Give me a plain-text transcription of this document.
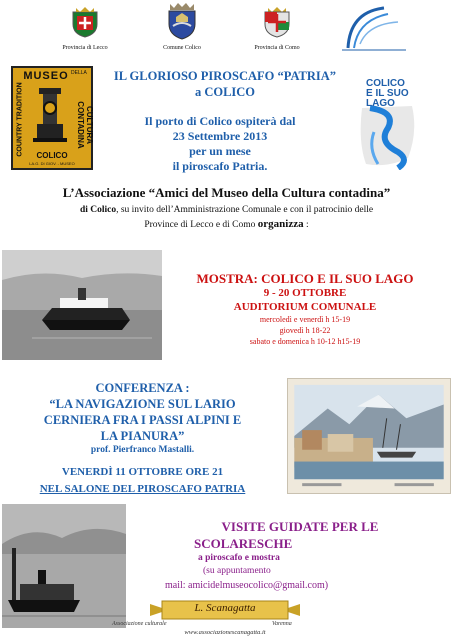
Provincia di Lecco	Comune Colico	Provincia di Como
MUSEO DELLA
COUNTRY TRADITION	CULTURA CONTADINA
COLICO
LA.G. DI GIOV. - MUSEO
IL GLORIOSO PIROSCAFO “PATRIA”
a COLICO
Il porto di Colico ospiterà dal
23 Settembre 2013
per un mese
il piroscafo Patria.
COLICO
E IL SUO
LAGO
L’Associazione “Amici del Museo della Cultura contadina”
di Colico, su invito dell’Amministrazione Comunale e con il patrocinio delle
Province di Lecco e di Como organizza :
MOSTRA: COLICO E IL SUO LAGO
9 - 20 OTTOBRE
AUDITORIUM COMUNALE
mercoledì e venerdì h 15-19
giovedì h 18-22
sabato e domenica h 10-12 h15-19
CONFERENZA :
“LA NAVIGAZIONE SUL LARIO
CERNIERA FRA I PASSI ALPINI E
LA PIANURA”
prof. Pierfranco Mastalli.
VENERDÌ 11 OTTOBRE ORE 21
NEL SALONE DEL PIROSCAFO PATRIA
VISITE GUIDATE PER LE
SCOLARESCHE
a piroscafo e mostra
(su appuntamento
mail: amicidelmuseocolico@gmail.com)
L. Scanagatta
Associazione culturale	Varenna
www.associazionescanagatta.it
